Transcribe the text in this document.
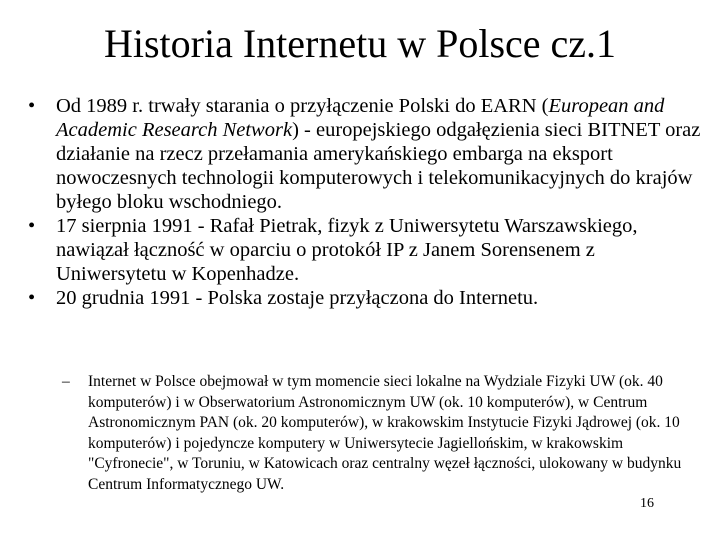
Historia Internetu w Polsce cz.1
• Od 1989 r. trwały starania o przyłączenie Polski do EARN (European and Academic Research Network) - europejskiego odgałęzienia sieci BITNET oraz działanie na rzecz przełamania amerykańskiego embarga na eksport nowoczesnych technologii komputerowych i telekomunikacyjnych do krajów byłego bloku wschodniego.
• 17 sierpnia 1991 - Rafał Pietrak, fizyk z Uniwersytetu Warszawskiego, nawiązał łączność w oparciu o protokół IP z Janem Sorensenem z Uniwersytetu w Kopenhadze.
• 20 grudnia 1991 - Polska zostaje przyłączona do Internetu.
– Internet w Polsce obejmował w tym momencie sieci lokalne na Wydziale Fizyki UW (ok. 40 komputerów) i w Obserwatorium Astronomicznym UW (ok. 10 komputerów), w Centrum Astronomicznym PAN (ok. 20 komputerów), w krakowskim Instytucie Fizyki Jądrowej (ok. 10 komputerów) i pojedyncze komputery w Uniwersytecie Jagiellońskim, w krakowskim "Cyfronecie", w Toruniu, w Katowicach oraz centralny węzeł łączności, ulokowany w budynku Centrum Informatycznego UW.
16
